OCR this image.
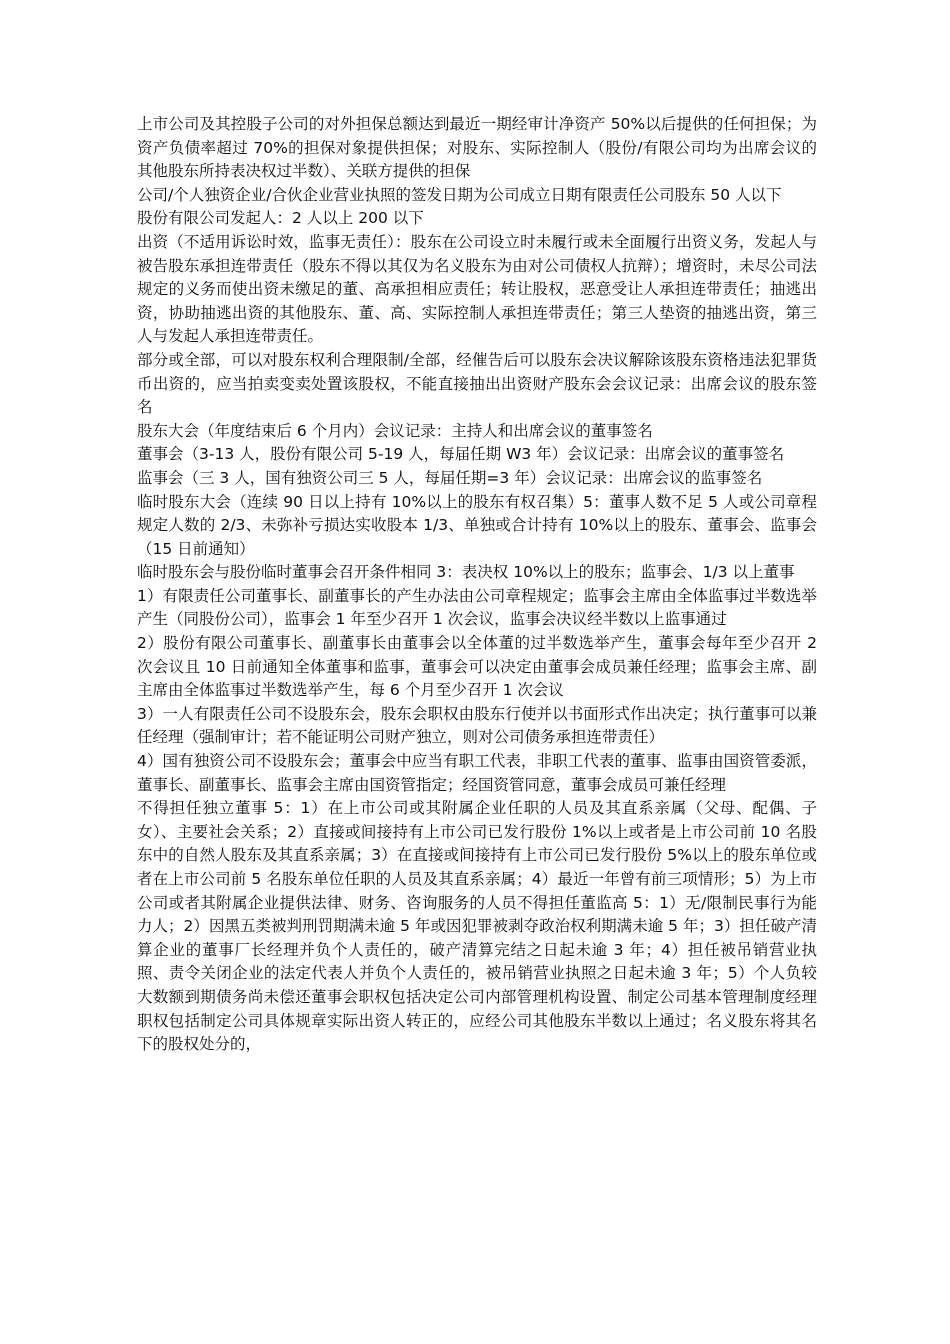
上市公司及其控股子公司的对外担保总额达到最近一期经审计净资产 50%以后提供的任何担保；为资产负债率超过 70%的担保对象提供担保；对股东、实际控制人（股份/有限公司均为出席会议的其他股东所持表决权过半数）、关联方提供的担保

公司/个人独资企业/合伙企业营业执照的签发日期为公司成立日期有限责任公司股东 50 人以下

股份有限公司发起人：2 人以上 200 以下

出资（不适用诉讼时效，监事无责任）：股东在公司设立时未履行或未全面履行出资义务，发起人与被告股东承担连带责任（股东不得以其仅为名义股东为由对公司债权人抗辩）；增资时，未尽公司法规定的义务而使出资未缴足的董、高承担相应责任；转让股权，恶意受让人承担连带责任；抽逃出资，协助抽逃出资的其他股东、董、高、实际控制人承担连带责任；第三人垫资的抽逃出资，第三人与发起人承担连带责任。

部分或全部，可以对股东权利合理限制/全部，经催告后可以股东会决议解除该股东资格违法犯罪货币出资的，应当拍卖变卖处置该股权，不能直接抽出出资财产股东会会议记录：出席会议的股东签名

股东大会（年度结束后 6 个月内）会议记录：主持人和出席会议的董事签名

董事会（3-13 人，股份有限公司 5-19 人，每届任期 W3 年）会议记录：出席会议的董事签名

监事会（三 3 人，国有独资公司三 5 人，每届任期=3 年）会议记录：出席会议的监事签名

临时股东大会（连续 90 日以上持有 10%以上的股东有权召集）5：董事人数不足 5 人或公司章程规定人数的 2/3、未弥补亏损达实收股本 1/3、单独或合计持有 10%以上的股东、董事会、监事会（15 日前通知）

临时股东会与股份临时董事会召开条件相同 3：表决权 10%以上的股东；监事会、1/3 以上董事

1）有限责任公司董事长、副董事长的产生办法由公司章程规定；监事会主席由全体监事过半数选举产生（同股份公司），监事会 1 年至少召开 1 次会议，监事会决议经半数以上监事通过

2）股份有限公司董事长、副董事长由董事会以全体董的过半数选举产生，董事会每年至少召开 2 次会议且 10 日前通知全体董事和监事，董事会可以决定由董事会成员兼任经理；监事会主席、副主席由全体监事过半数选举产生，每 6 个月至少召开 1 次会议

3）一人有限责任公司不设股东会，股东会职权由股东行使并以书面形式作出决定；执行董事可以兼任经理（强制审计；若不能证明公司财产独立，则对公司债务承担连带责任）

4）国有独资公司不设股东会；董事会中应当有职工代表，非职工代表的董事、监事由国资管委派，董事长、副董事长、监事会主席由国资管指定；经国资管同意，董事会成员可兼任经理

不得担任独立董事 5：1）在上市公司或其附属企业任职的人员及其直系亲属（父母、配偶、子女）、主要社会关系；2）直接或间接持有上市公司已发行股份 1%以上或者是上市公司前 10 名股东中的自然人股东及其直系亲属；3）在直接或间接持有上市公司已发行股份 5%以上的股东单位或者在上市公司前 5 名股东单位任职的人员及其直系亲属；4）最近一年曾有前三项情形；5）为上市公司或者其附属企业提供法律、财务、咨询服务的人员不得担任董监高 5：1）无/限制民事行为能力人；2）因黑五类被判刑罚期满未逾 5 年或因犯罪被剥夺政治权利期满未逾 5 年；3）担任破产清算企业的董事厂长经理并负个人责任的，破产清算完结之日起未逾 3 年；4）担任被吊销营业执照、责令关闭企业的法定代表人并负个人责任的，被吊销营业执照之日起未逾 3 年；5）个人负较大数额到期债务尚未偿还董事会职权包括决定公司内部管理机构设置、制定公司基本管理制度经理职权包括制定公司具体规章实际出资人转正的，应经公司其他股东半数以上通过；名义股东将其名下的股权处分的，
